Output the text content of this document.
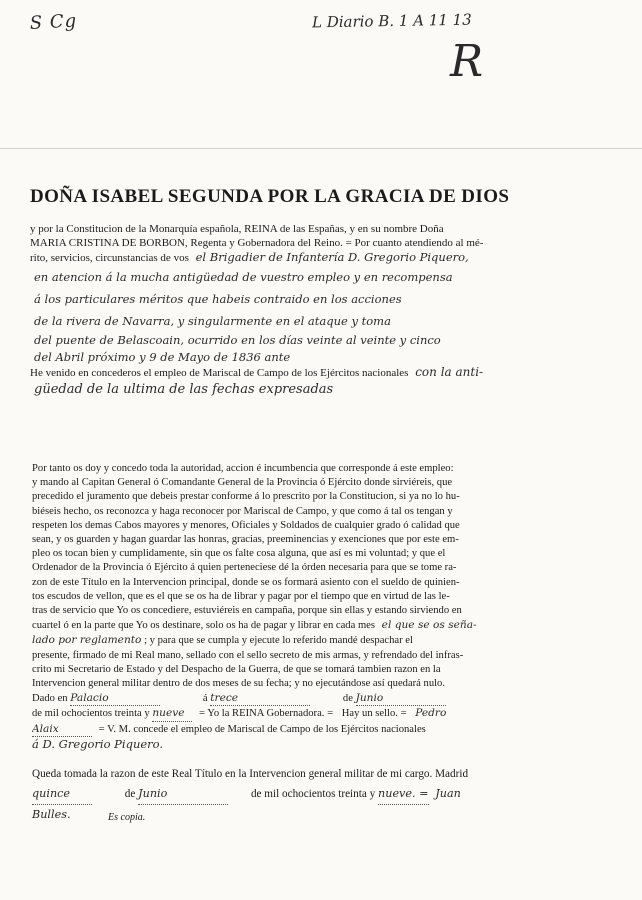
S Cg	L Diario B. 1 A 11 13
R
DOÑA ISABEL SEGUNDA POR LA GRACIA DE DIOS
y por la Constitucion de la Monarquía española, REINA de las Españas, y en su nombre Doña
MARIA CRISTINA DE BORBON, Regenta y Gobernadora del Reino. = Por cuanto atendiendo al mé-
rito, servicios, circunstancias de vos el Brigadier de Infantería D. Gregorio Piquero,
en atencion á la mucha antigüedad de vuestro empleo y en recompensa
á los particulares méritos que habeis contraido en los acciones
de la rivera de Navarra, y singularmente en el ataque y toma
del puente de Belascoain, ocurrido en los días veinte al veinte y cinco
del Abril próximo y 9 de Mayo de 1836 ante
He venido en concederos el empleo de Mariscal de Campo de los Ejércitos nacionales con la anti-
güedad de la ultima de las fechas expresadas
Por tanto os doy y concedo toda la autoridad, accion é incumbencia que corresponde á este empleo:
y mando al Capitan General ó Comandante General de la Provincia ó Ejército donde sirviéreis, que
precedido el juramento que debeis prestar conforme á lo prescrito por la Constitucion, si ya no lo hu-
biéseis hecho, os reconozca y haga reconocer por Mariscal de Campo, y que como á tal os tengan y
respeten los demas Cabos mayores y menores, Oficiales y Soldados de cualquier grado ó calidad que
sean, y os guarden y hagan guardar las honras, gracias, preeminencias y exenciones que por este em-
pleo os tocan bien y cumplidamente, sin que os falte cosa alguna, que así es mi voluntad; y que el
Ordenador de la Provincia ó Ejército á quien perteneciese dé la órden necesaria para que se tome ra-
zon de este Título en la Intervencion principal, donde se os formará asiento con el sueldo de quinien-
tos escudos de vellon, que es el que se os ha de librar y pagar por el tiempo que en virtud de las le-
tras de servicio que Yo os concediere, estuviéreis en campaña, porque sin ellas y estando sirviendo en
cuartel ó en la parte que Yo os destinare, solo os ha de pagar y librar en cada mes el que se os seña-
lado por reglamento ; y para que se cumpla y ejecute lo referido mandé despachar el
presente, firmado de mi Real mano, sellado con el sello secreto de mis armas, y refrendado del infras-
crito mi Secretario de Estado y del Despacho de la Guerra, de que se tomará tambien razon en la
Intervencion general militar dentro de dos meses de su fecha; y no ejecutándose así quedará nulo.
Dado en Palacio	á trece	de Junio
de mil ochocientos treinta y nueve = Yo la REINA Gobernadora. = Hay un sello. = Pedro
Alaix	= V. M. concede el empleo de Mariscal de Campo de los Ejércitos nacionales
á D. Gregorio Piquero.
Queda tomada la razon de este Real Título en la Intervencion general militar de mi cargo. Madrid
quince	de Junio	de mil ochocientos treinta y nueve. = Juan
Bulles.	Es copia.
